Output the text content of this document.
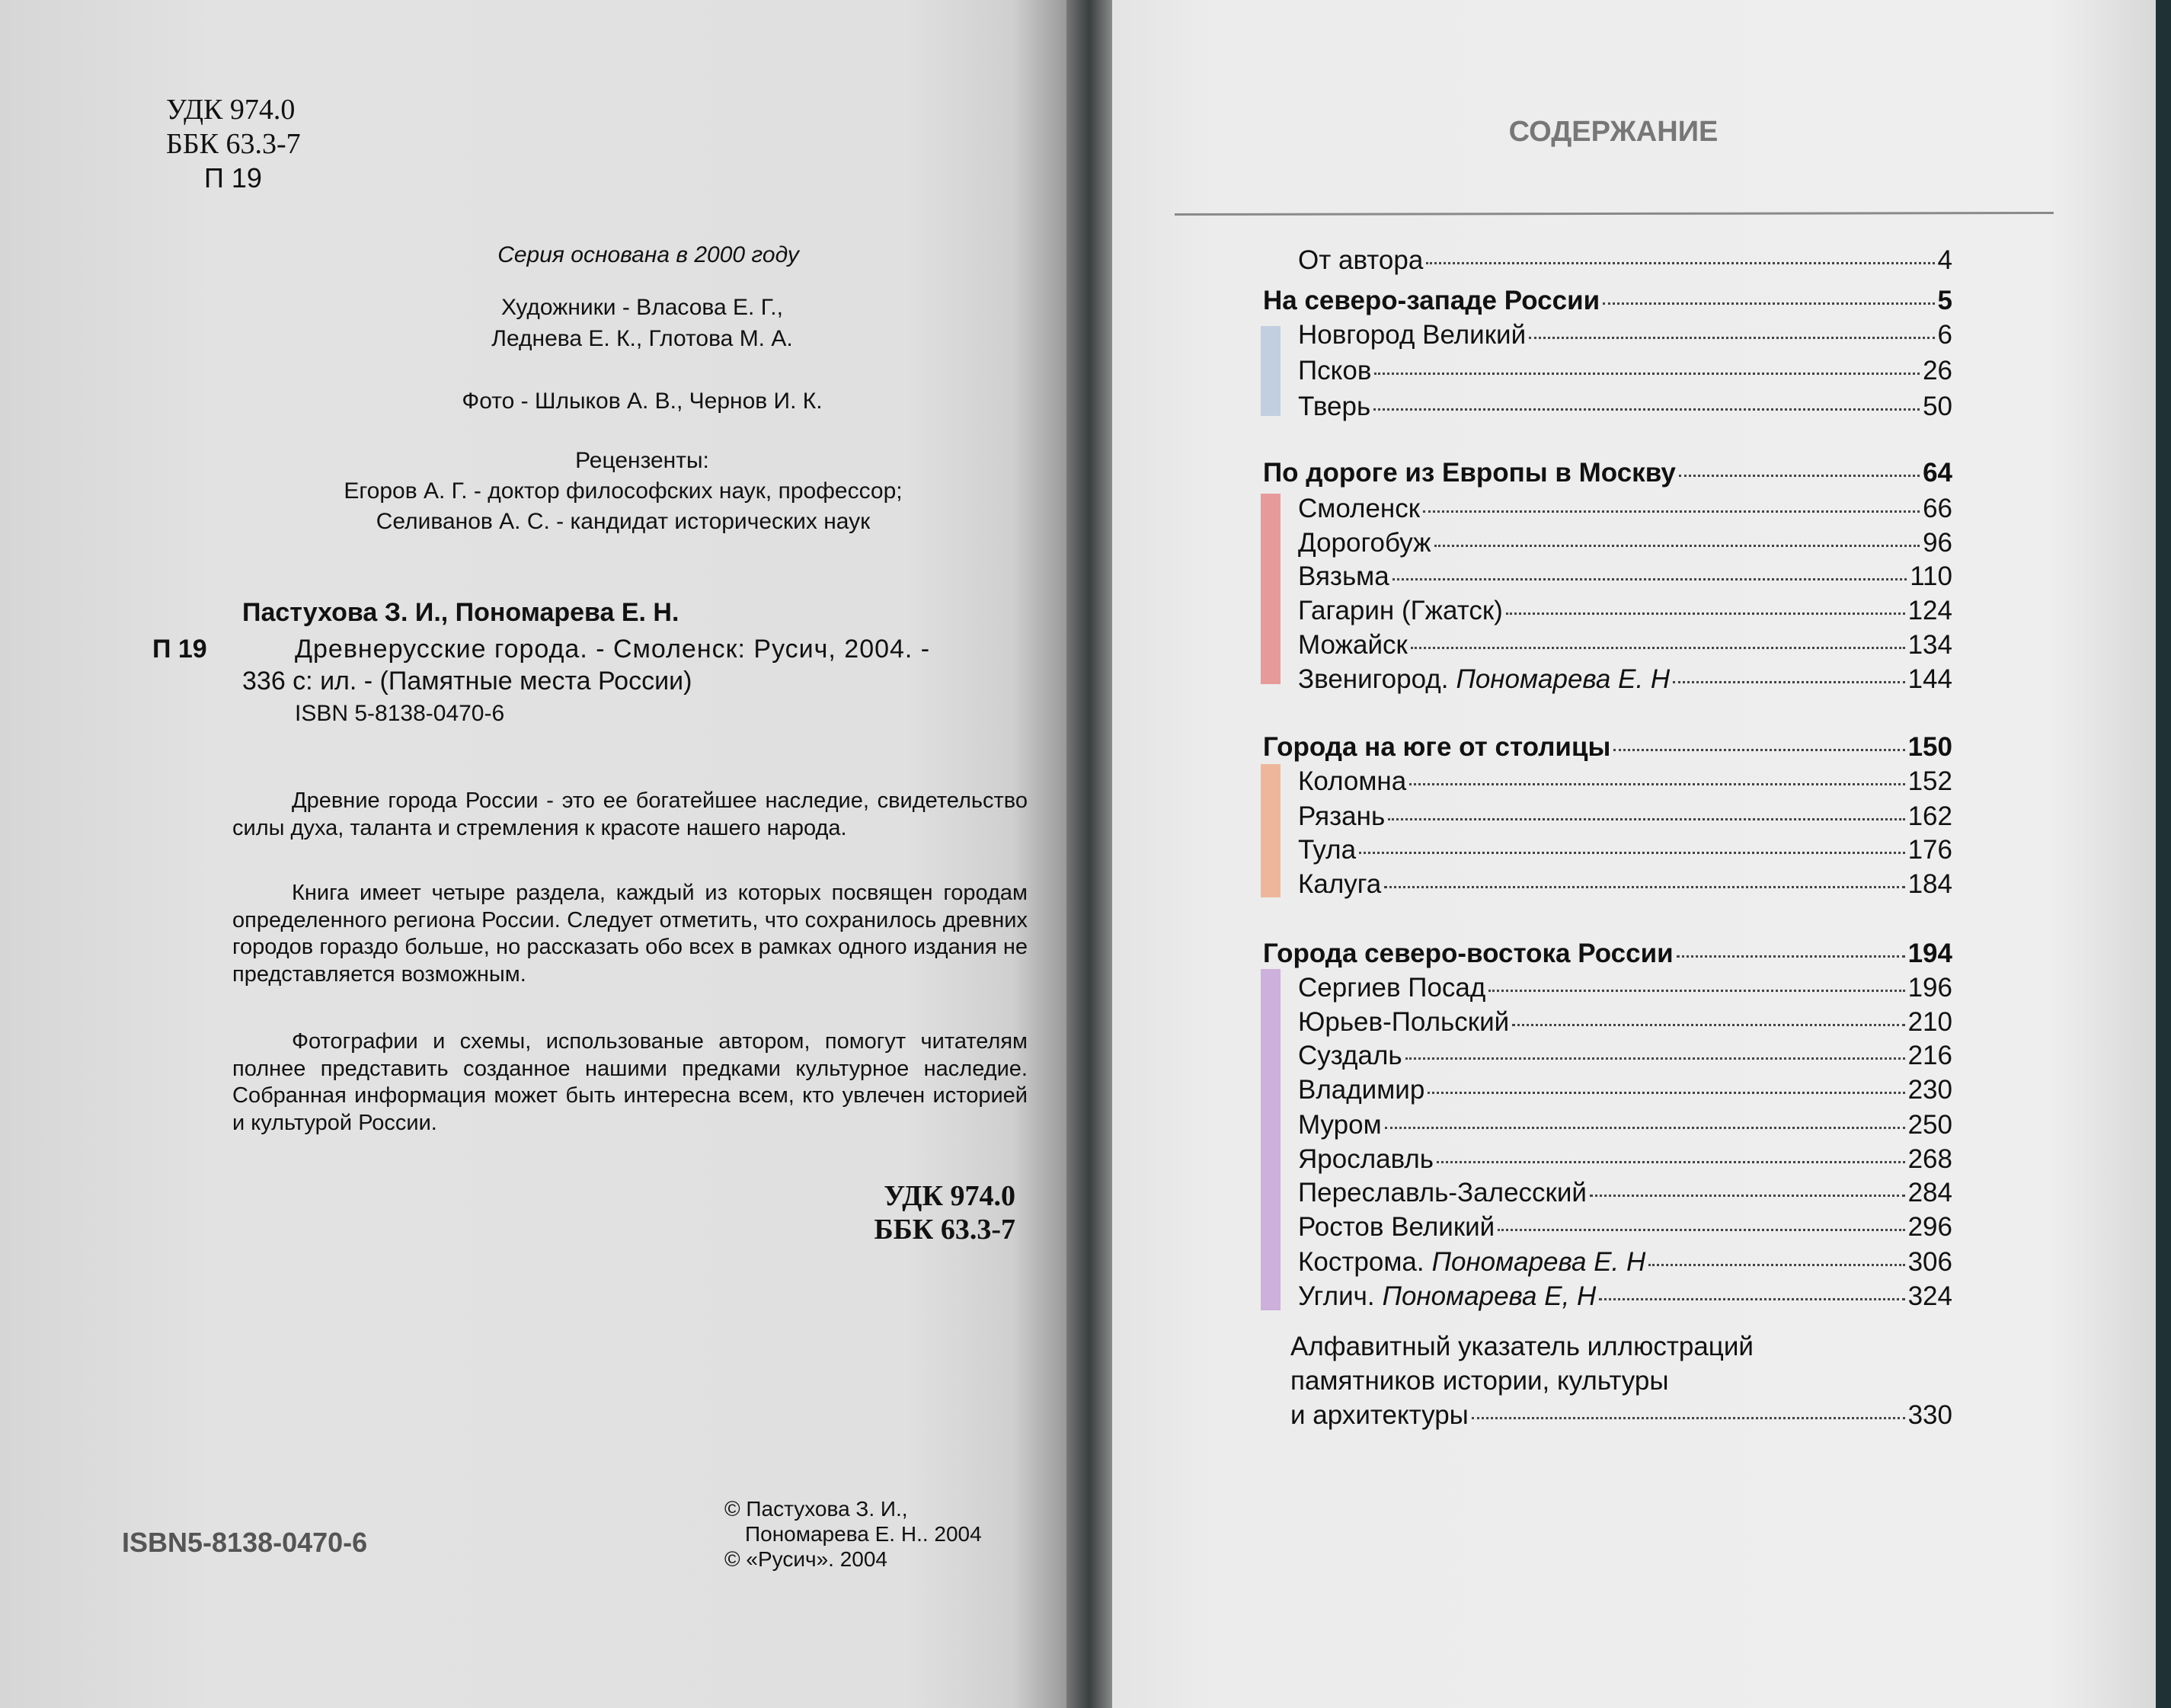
УДК 974.0
ББК 63.3-7
П 19
Серия основана в 2000 году
Художники - Власова Е. Г.,
Леднева Е. К., Глотова М. А.
Фото - Шлыков А. В., Чернов И. К.
Рецензенты:
Егоров А. Г. - доктор философских наук, профессор;
Селиванов А. С. - кандидат исторических наук
Пастухова З. И., Пономарева Е. Н.
П 19	Древнерусские города. - Смоленск: Русич, 2004. -
336 с: ил. - (Памятные места России)
ISBN 5-8138-0470-6
Древние города России - это ее богатейшее наследие, свидетельство силы духа, таланта и стремления к красоте нашего народа.
Книга имеет четыре раздела, каждый из которых посвящен городам определенного региона России. Следует отметить, что сохранилось древних городов гораздо больше, но рассказать обо всех в рамках одного издания не представляется возможным.
Фотографии и схемы, использованые автором, помогут читателям полнее представить созданное нашими предками культурное наследие. Собранная информация может быть интересна всем, кто увлечен историей и культурой России.
УДК 974.0
ББК 63.3-7
ISBN5-8138-0470-6
© Пастухова З. И.,
Пономарева Е. Н.. 2004
© «Русич». 2004
СОДЕРЖАНИЕ
От автора	4
На северо-западе России	5
Новгород Великий	6
Псков	26
Тверь	50
По дороге из Европы в Москву	64
Смоленск	66
Дорогобуж	96
Вязьма	110
Гагарин (Гжатск)	124
Можайск	134
Звенигород. Пономарева Е. Н	144
Города на юге от столицы	150
Коломна	152
Рязань	162
Тула	176
Калуга	184
Города северо-востока России	194
Сергиев Посад	196
Юрьев-Польский	210
Суздаль	216
Владимир	230
Муром	250
Ярославль	268
Переславль-Залесский	284
Ростов Великий	296
Кострома. Пономарева Е. Н	306
Углич. Пономарева Е, Н	324
Алфавитный указатель иллюстраций
памятников истории, культуры
и архитектуры	330
